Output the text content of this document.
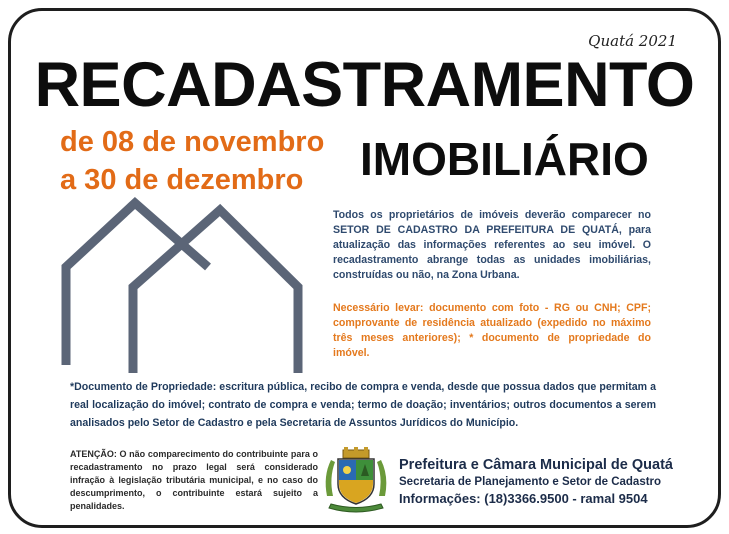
Quatá 2021
RECADASTRAMENTO
de 08 de novembro
a 30 de dezembro	IMOBILIÁRIO
Todos os proprietários de imóveis deverão comparecer no SETOR DE CADASTRO DA PREFEITURA DE QUATÁ, para atualização das informações referentes ao seu imóvel. O recadastramento abrange todas as unidades imobiliárias, construídas ou não, na Zona Urbana.
Necessário levar: documento com foto - RG ou CNH; CPF; comprovante de residência atualizado (expedido no máximo três meses anteriores); * documento de propriedade do imóvel.
*Documento de Propriedade: escritura pública, recibo de compra e venda, desde que possua dados que permitam a real localização do imóvel; contrato de compra e venda; termo de doação; inventários; outros documentos a serem analisados pelo Setor de Cadastro e pela Secretaria de Assuntos Jurídicos do Município.
ATENÇÃO: O não comparecimento do contribuinte para o recadastramento no prazo legal será considerado infração à legislação tributária municipal, e no caso do descumprimento, o contribuinte estará sujeito a penalidades.
Prefeitura e Câmara Municipal de Quatá
Secretaria de Planejamento e Setor de Cadastro
Informações: (18)3366.9500 - ramal 9504
